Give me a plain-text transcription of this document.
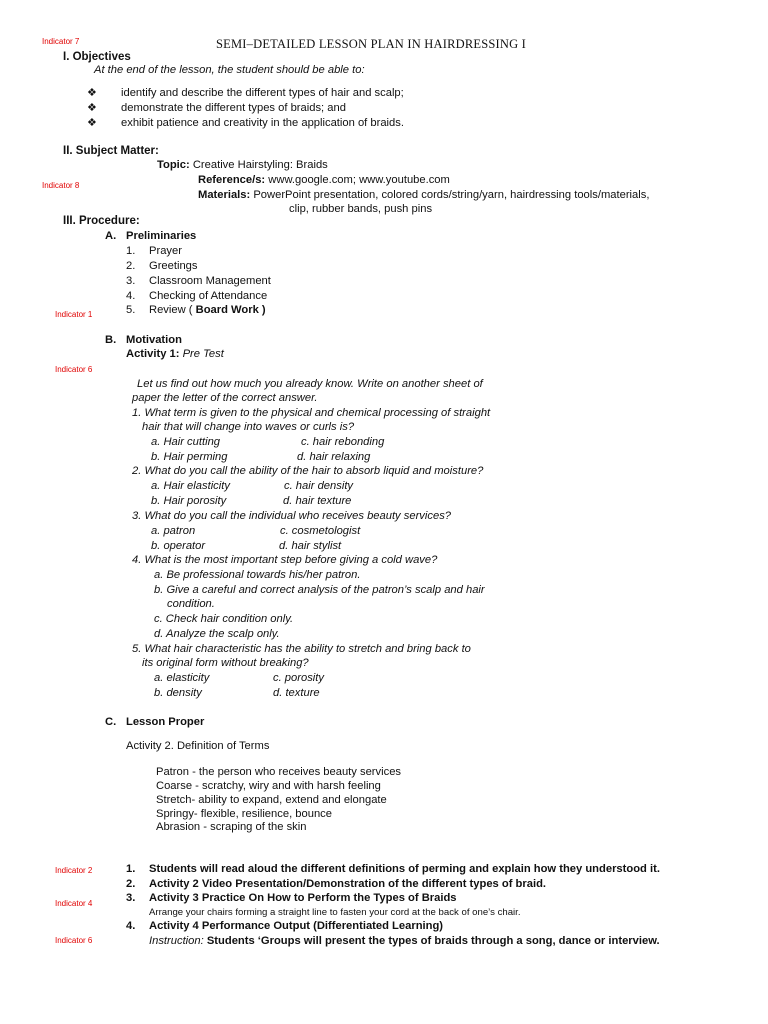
Indicator 7	SEMI–DETAILED LESSON PLAN IN HAIRDRESSING I
I. Objectives
At the end of the lesson, the student should be able to:
❖ identify and describe the different types of hair and scalp;
❖ demonstrate the different types of braids; and
❖ exhibit patience and creativity in the application of braids.
II. Subject Matter:
Topic: Creative Hairstyling: Braids
Indicator 8	Reference/s: www.google.com; www.youtube.com
Materials: PowerPoint presentation, colored cords/string/yarn, hairdressing tools/materials,
clip, rubber bands, push pins
III. Procedure:
A. Preliminaries
1. Prayer
2. Greetings
3. Classroom Management
4. Checking of Attendance
5. Review ( Board Work )
Indicator 1
B. Motivation
Activity 1: Pre Test
Indicator 6
Let us find out how much you already know. Write on another sheet of
paper the letter of the correct answer.
1. What term is given to the physical and chemical processing of straight
hair that will change into waves or curls is?
a. Hair cutting	c. hair rebonding
b. Hair perming	d. hair relaxing
2. What do you call the ability of the hair to absorb liquid and moisture?
a. Hair elasticity	c. hair density
b. Hair porosity	d. hair texture
3. What do you call the individual who receives beauty services?
a. patron	c. cosmetologist
b. operator	d. hair stylist
4. What is the most important step before giving a cold wave?
a. Be professional towards his/her patron.
b. Give a careful and correct analysis of the patron’s scalp and hair
condition.
c. Check hair condition only.
d. Analyze the scalp only.
5. What hair characteristic has the ability to stretch and bring back to
its original form without breaking?
a. elasticity	c. porosity
b. density	d. texture
C. Lesson Proper
Activity 2. Definition of Terms
Patron - the person who receives beauty services
Coarse - scratchy, wiry and with harsh feeling
Stretch- ability to expand, extend and elongate
Springy- flexible, resilience, bounce
Abrasion - scraping of the skin
Indicator 2	1. Students will read aloud the different definitions of perming and explain how they understood it.
2. Activity 2 Video Presentation/Demonstration of the different types of braid.
3. Activity 3 Practice On How to Perform the Types of Braids
Indicator 4
Arrange your chairs forming a straight line to fasten your cord at the back of one’s chair.
4. Activity 4 Performance Output (Differentiated Learning)
Indicator 6	Instruction: Students ‘Groups will present the types of braids through a song, dance or interview.
